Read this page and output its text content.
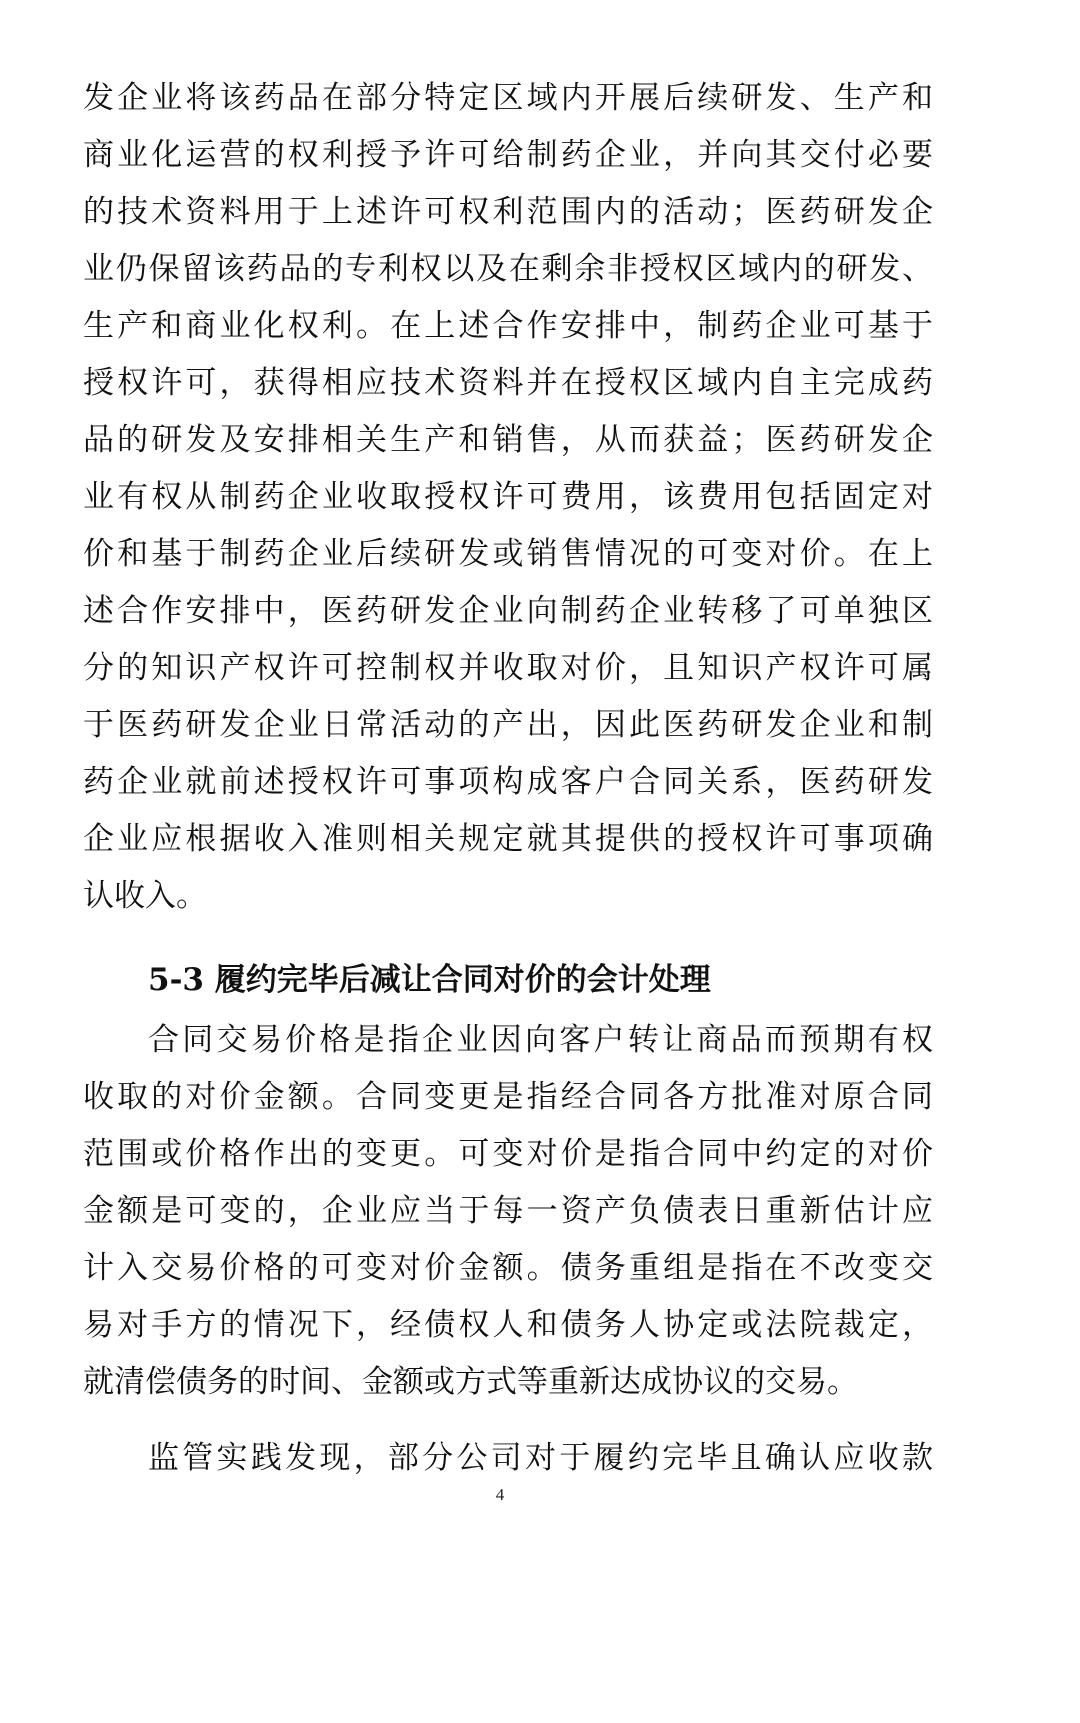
发企业将该药品在部分特定区域内开展后续研发、生产和
商业化运营的权利授予许可给制药企业，并向其交付必要
的技术资料用于上述许可权利范围内的活动；医药研发企
业仍保留该药品的专利权以及在剩余非授权区域内的研发、
生产和商业化权利。在上述合作安排中，制药企业可基于
授权许可，获得相应技术资料并在授权区域内自主完成药
品的研发及安排相关生产和销售，从而获益；医药研发企
业有权从制药企业收取授权许可费用，该费用包括固定对
价和基于制药企业后续研发或销售情况的可变对价。在上
述合作安排中，医药研发企业向制药企业转移了可单独区
分的知识产权许可控制权并收取对价，且知识产权许可属
于医药研发企业日常活动的产出，因此医药研发企业和制
药企业就前述授权许可事项构成客户合同关系，医药研发
企业应根据收入准则相关规定就其提供的授权许可事项确
认收入。
5-3 履约完毕后减让合同对价的会计处理
合同交易价格是指企业因向客户转让商品而预期有权
收取的对价金额。合同变更是指经合同各方批准对原合同
范围或价格作出的变更。可变对价是指合同中约定的对价
金额是可变的，企业应当于每一资产负债表日重新估计应
计入交易价格的可变对价金额。债务重组是指在不改变交
易对手方的情况下，经债权人和债务人协定或法院裁定，
就清偿债务的时间、金额或方式等重新达成协议的交易。
监管实践发现，部分公司对于履约完毕且确认应收款
4
